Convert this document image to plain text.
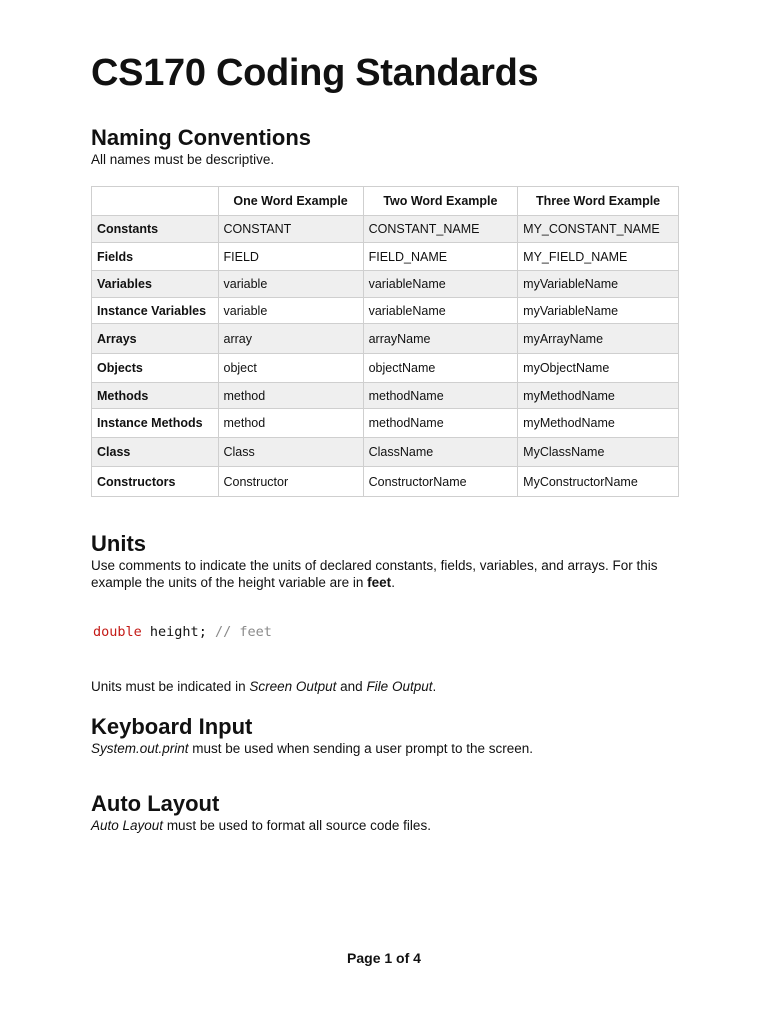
CS170 Coding Standards
Naming Conventions

All names must be descriptive.

	One Word Example	Two Word Example	Three Word Example
Constants	CONSTANT	CONSTANT_NAME	MY_CONSTANT_NAME
Fields	FIELD	FIELD_NAME	MY_FIELD_NAME
Variables	variable	variableName	myVariableName
Instance Variables	variable	variableName	myVariableName
Arrays	array	arrayName	myArrayName
Objects	object	objectName	myObjectName
Methods	method	methodName	myMethodName
Instance Methods	method	methodName	myMethodName
Class	Class	ClassName	MyClassName
Constructors	Constructor	ConstructorName	MyConstructorName
Units

Use comments to indicate the units of declared constants, fields, variables, and arrays. For this example the units of the height variable are in feet.

double height; // feet

Units must be indicated in Screen Output and File Output.

Keyboard Input

System.out.print must be used when sending a user prompt to the screen.

Auto Layout

Auto Layout must be used to format all source code files.

Page 1 of 4
